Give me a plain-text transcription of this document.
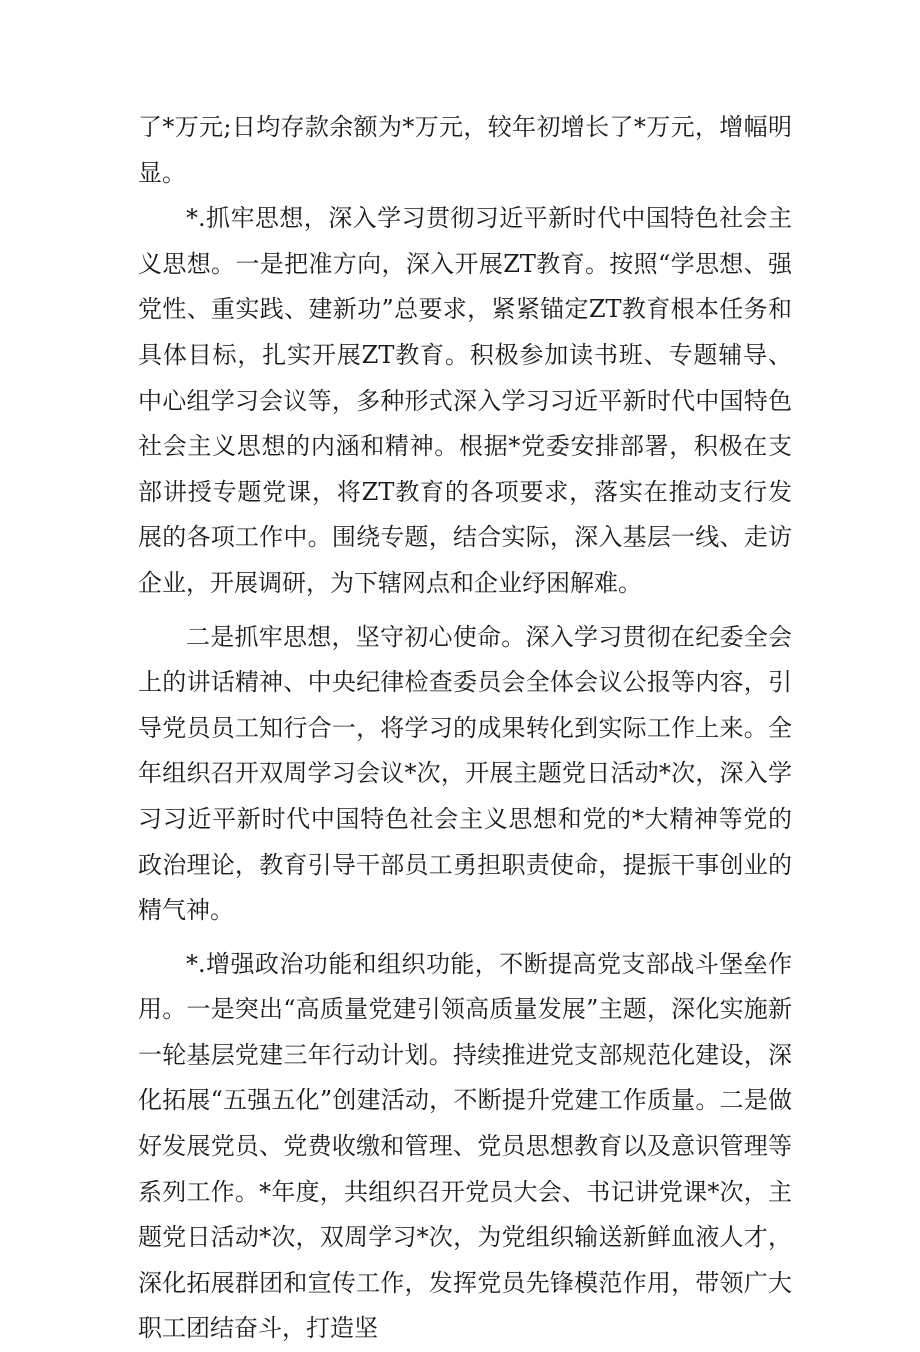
了*万元;日均存款余额为*万元，较年初增长了*万元，增幅明显。

*.抓牢思想，深入学习贯彻习近平新时代中国特色社会主义思想。一是把准方向，深入开展ZT教育。按照“学思想、强党性、重实践、建新功”总要求，紧紧锚定ZT教育根本任务和具体目标，扎实开展ZT教育。积极参加读书班、专题辅导、中心组学习会议等，多种形式深入学习习近平新时代中国特色社会主义思想的内涵和精神。根据*党委安排部署，积极在支部讲授专题党课，将ZT教育的各项要求，落实在推动支行发展的各项工作中。围绕专题，结合实际，深入基层一线、走访企业，开展调研，为下辖网点和企业纾困解难。

二是抓牢思想，坚守初心使命。深入学习贯彻在纪委全会上的讲话精神、中央纪律检查委员会全体会议公报等内容，引导党员员工知行合一，将学习的成果转化到实际工作上来。全年组织召开双周学习会议*次，开展主题党日活动*次，深入学习习近平新时代中国特色社会主义思想和党的*大精神等党的政治理论，教育引导干部员工勇担职责使命，提振干事创业的精气神。

*.增强政治功能和组织功能，不断提高党支部战斗堡垒作用。一是突出“高质量党建引领高质量发展”主题，深化实施新一轮基层党建三年行动计划。持续推进党支部规范化建设，深化拓展“五强五化”创建活动，不断提升党建工作质量。二是做好发展党员、党费收缴和管理、党员思想教育以及意识管理等系列工作。*年度，共组织召开党员大会、书记讲党课*次，主题党日活动*次，双周学习*次，为党组织输送新鲜血液人才，深化拓展群团和宣传工作，发挥党员先锋模范作用，带领广大职工团结奋斗，打造坚
